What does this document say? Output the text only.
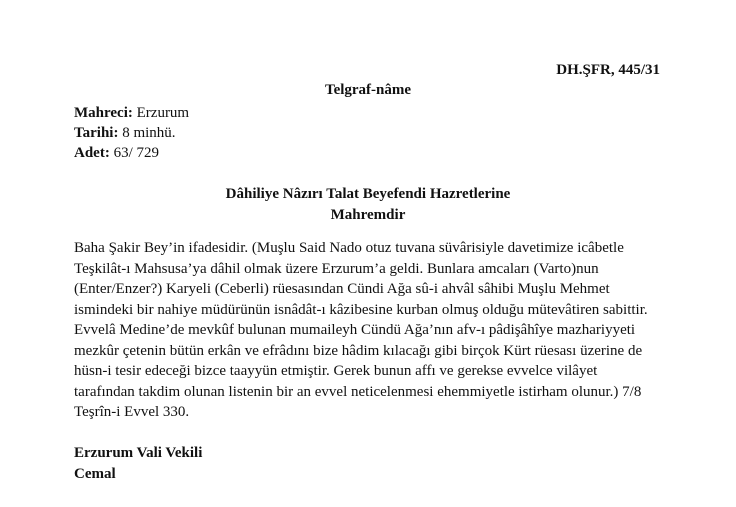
DH.ŞFR, 445/31
Telgraf-nâme
Mahreci: Erzurum
Tarihi: 8 minhü.
Adet: 63/ 729
Dâhiliye Nâzırı Talat Beyefendi Hazretlerine
Mahremdir
Baha Şakir Bey’in ifadesidir. (Muşlu Said Nado otuz tuvana süvârisiyle davetimize icâbetle
Teşkilât-ı Mahsusa’ya dâhil olmak üzere Erzurum’a geldi. Bunlara amcaları (Varto)nun
(Enter/Enzer?) Karyeli (Ceberli) rüesasından Cündi Ağa sû-i ahvâl sâhibi Muşlu Mehmet
ismindeki bir nahiye müdürünün isnâdât-ı kâzibesine kurban olmuş olduğu mütevâtiren sabittir.
Evvelâ Medine’de mevkûf bulunan mumaileyh Cündü Ağa’nın afv-ı pâdişâhîye mazhariyyeti
mezkûr çetenin bütün erkân ve efrâdını bize hâdim kılacağı gibi birçok Kürt rüesası üzerine de
hüsn-i tesir edeceği bizce taayyün etmiştir. Gerek bunun affı ve gerekse evvelce vilâyet
tarafından takdim olunan listenin bir an evvel neticelenmesi ehemmiyetle istirham olunur.) 7/8
Teşrîn-i Evvel 330.
Erzurum Vali Vekili
Cemal
